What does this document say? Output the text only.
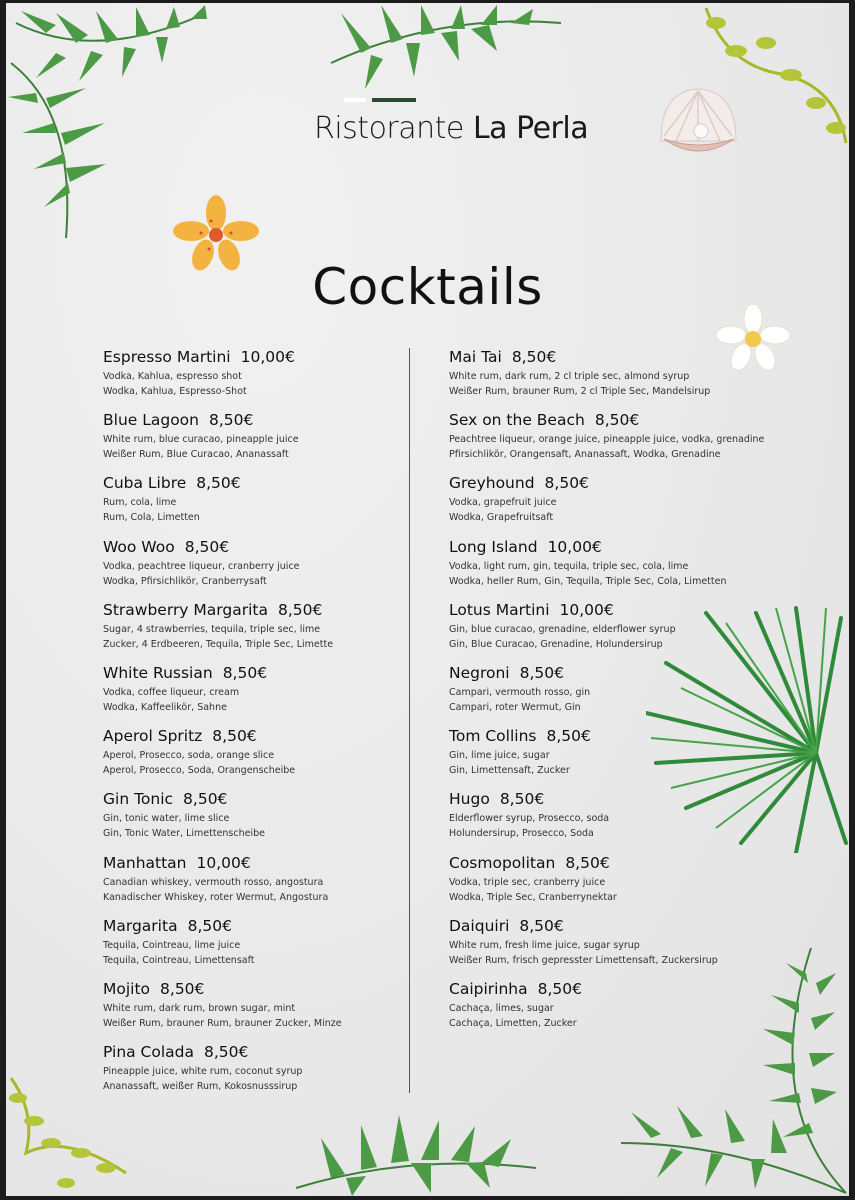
Ristorante La Perla
Cocktails
Espresso Martini 10,00€
Vodka, Kahlua, espresso shot
Wodka, Kahlua, Espresso-Shot
Blue Lagoon 8,50€
White rum, blue curacao, pineapple juice
Weißer Rum, Blue Curacao, Ananassaft
Cuba Libre 8,50€
Rum, cola, lime
Rum, Cola, Limetten
Woo Woo 8,50€
Vodka, peachtree liqueur, cranberry juice
Wodka, Pfirsichlikör, Cranberrysaft
Strawberry Margarita 8,50€
Sugar, 4 strawberries, tequila, triple sec, lime
Zucker, 4 Erdbeeren, Tequila, Triple Sec, Limette
White Russian 8,50€
Vodka, coffee liqueur, cream
Wodka, Kaffeelikör, Sahne
Aperol Spritz 8,50€
Aperol, Prosecco, soda, orange slice
Aperol, Prosecco, Soda, Orangenscheibe
Gin Tonic 8,50€
Gin, tonic water, lime slice
Gin, Tonic Water, Limettenscheibe
Manhattan 10,00€
Canadian whiskey, vermouth rosso, angostura
Kanadischer Whiskey, roter Wermut, Angostura
Margarita 8,50€
Tequila, Cointreau, lime juice
Tequila, Cointreau, Limettensaft
Mojito 8,50€
White rum, dark rum, brown sugar, mint
Weißer Rum, brauner Rum, brauner Zucker, Minze
Pina Colada 8,50€
Pineapple juice, white rum, coconut syrup
Ananassaft, weißer Rum, Kokosnusssirup
Mai Tai 8,50€
White rum, dark rum, 2 cl triple sec, almond syrup
Weißer Rum, brauner Rum, 2 cl Triple Sec, Mandelsirup
Sex on the Beach 8,50€
Peachtree liqueur, orange juice, pineapple juice, vodka, grenadine
Pfirsichlikör, Orangensaft, Ananassaft, Wodka, Grenadine
Greyhound 8,50€
Vodka, grapefruit juice
Wodka, Grapefruitsaft
Long Island 10,00€
Vodka, light rum, gin, tequila, triple sec, cola, lime
Wodka, heller Rum, Gin, Tequila, Triple Sec, Cola, Limetten
Lotus Martini 10,00€
Gin, blue curacao, grenadine, elderflower syrup
Gin, Blue Curacao, Grenadine, Holundersirup
Negroni 8,50€
Campari, vermouth rosso, gin
Campari, roter Wermut, Gin
Tom Collins 8,50€
Gin, lime juice, sugar
Gin, Limettensaft, Zucker
Hugo 8,50€
Elderflower syrup, Prosecco, soda
Holundersirup, Prosecco, Soda
Cosmopolitan 8,50€
Vodka, triple sec, cranberry juice
Wodka, Triple Sec, Cranberrynektar
Daiquiri 8,50€
White rum, fresh lime juice, sugar syrup
Weißer Rum, frisch gepresster Limettensaft, Zuckersirup
Caipirinha 8,50€
Cachaça, limes, sugar
Cachaça, Limetten, Zucker
